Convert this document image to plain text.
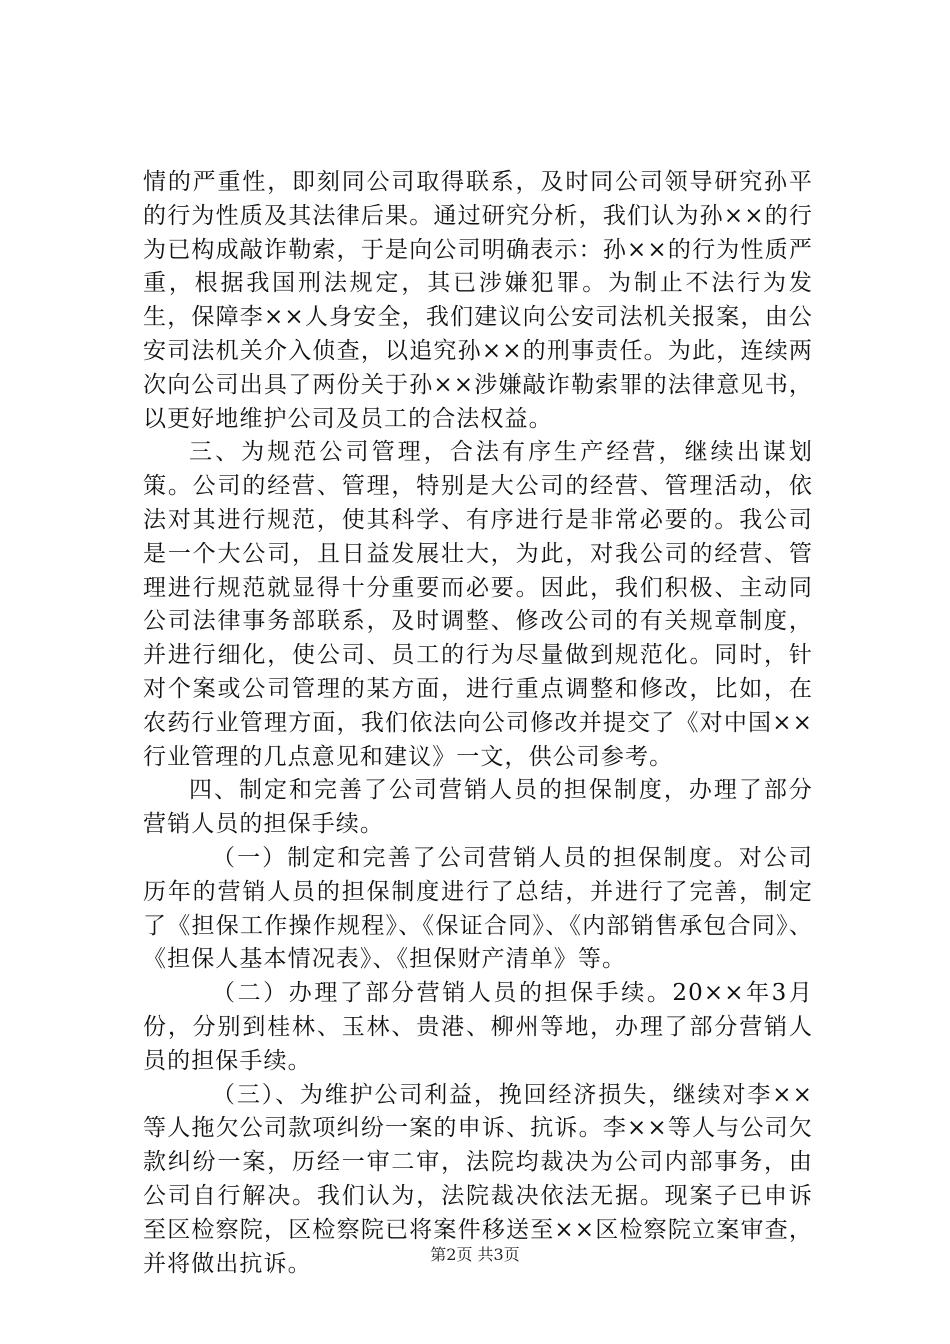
情的严重性，即刻同公司取得联系，及时同公司领导研究孙平的行为性质及其法律后果。通过研究分析，我们认为孙××的行为已构成敲诈勒索，于是向公司明确表示：孙××的行为性质严重，根据我国刑法规定，其已涉嫌犯罪。为制止不法行为发生，保障李××人身安全，我们建议向公安司法机关报案，由公安司法机关介入侦查，以追究孙××的刑事责任。为此，连续两次向公司出具了两份关于孙××涉嫌敲诈勒索罪的法律意见书，以更好地维护公司及员工的合法权益。

三、为规范公司管理，合法有序生产经营，继续出谋划策。公司的经营、管理，特别是大公司的经营、管理活动，依法对其进行规范，使其科学、有序进行是非常必要的。我公司是一个大公司，且日益发展壮大，为此，对我公司的经营、管理进行规范就显得十分重要而必要。因此，我们积极、主动同公司法律事务部联系，及时调整、修改公司的有关规章制度，并进行细化，使公司、员工的行为尽量做到规范化。同时，针对个案或公司管理的某方面，进行重点调整和修改，比如，在农药行业管理方面，我们依法向公司修改并提交了《对中国××行业管理的几点意见和建议》一文，供公司参考。

四、制定和完善了公司营销人员的担保制度，办理了部分营销人员的担保手续。

（一）制定和完善了公司营销人员的担保制度。对公司历年的营销人员的担保制度进行了总结，并进行了完善，制定了《担保工作操作规程》、《保证合同》、《内部销售承包合同》、《担保人基本情况表》、《担保财产清单》等。

（二）办理了部分营销人员的担保手续。20××年3月份，分别到桂林、玉林、贵港、柳州等地，办理了部分营销人员的担保手续。

（三）、为维护公司利益，挽回经济损失，继续对李××等人拖欠公司款项纠纷一案的申诉、抗诉。李××等人与公司欠款纠纷一案，历经一审二审，法院均裁决为公司内部事务，由公司自行解决。我们认为，法院裁决依法无据。现案子已申诉至区检察院，区检察院已将案件移送至××区检察院立案审查，并将做出抗诉。	第2页 共3页
